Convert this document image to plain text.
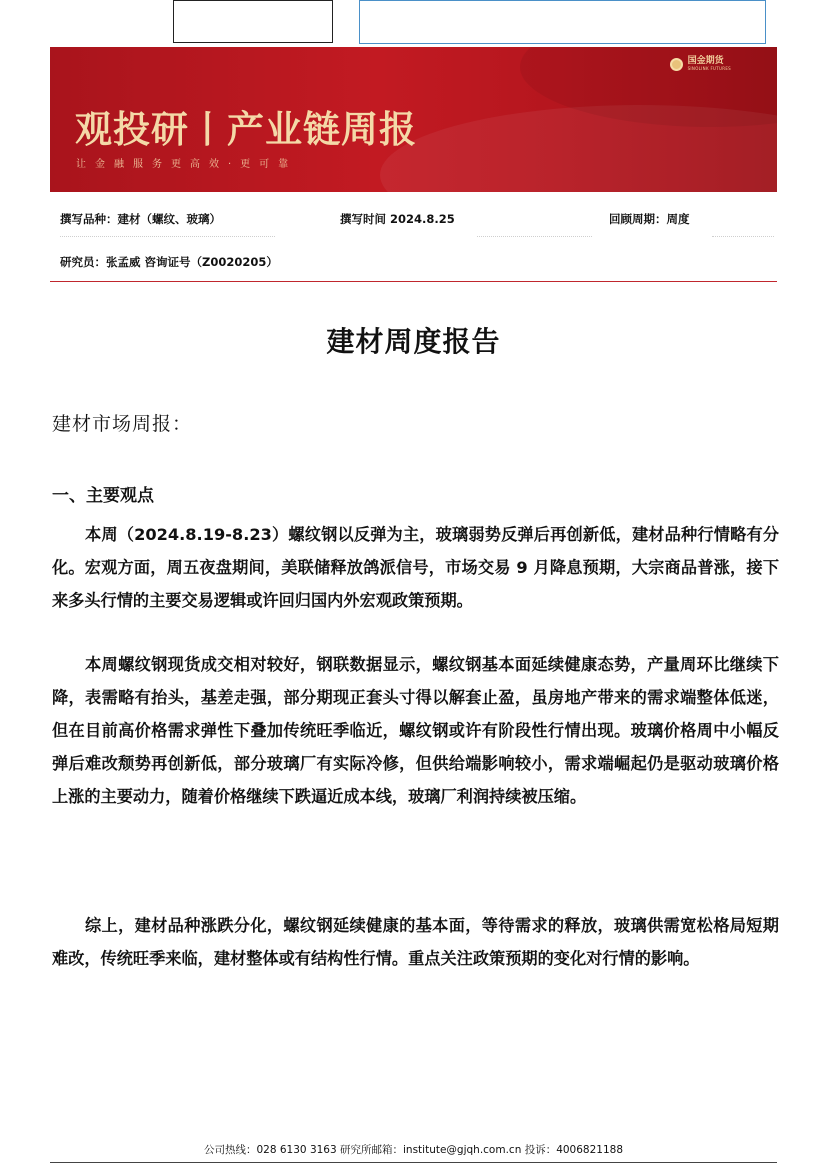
国金期货
SINOLINK FUTURES
观投研丨产业链周报
让金融服务更高效·更可靠
撰写品种：建材（螺纹、玻璃）	撰写时间 2024.8.25	回顾周期：周度
研究员：张孟威 咨询证号（Z0020205）
建材周度报告
建材市场周报：
一、主要观点

本周（2024.8.19-8.23）螺纹钢以反弹为主，玻璃弱势反弹后再创新低，建材品种行情略有分化。宏观方面，周五夜盘期间，美联储释放鸽派信号，市场交易 9 月降息预期，大宗商品普涨，接下来多头行情的主要交易逻辑或许回归国内外宏观政策预期。

本周螺纹钢现货成交相对较好，钢联数据显示，螺纹钢基本面延续健康态势，产量周环比继续下降，表需略有抬头，基差走强，部分期现正套头寸得以解套止盈，虽房地产带来的需求端整体低迷，但在目前高价格需求弹性下叠加传统旺季临近，螺纹钢或许有阶段性行情出现。玻璃价格周中小幅反弹后难改颓势再创新低，部分玻璃厂有实际冷修，但供给端影响较小，需求端崛起仍是驱动玻璃价格上涨的主要动力，随着价格继续下跌逼近成本线，玻璃厂利润持续被压缩。

综上，建材品种涨跌分化，螺纹钢延续健康的基本面，等待需求的释放，玻璃供需宽松格局短期难改，传统旺季来临，建材整体或有结构性行情。重点关注政策预期的变化对行情的影响。

公司热线：028 6130 3163 研究所邮箱：institute@gjqh.com.cn 投诉：4006821188
